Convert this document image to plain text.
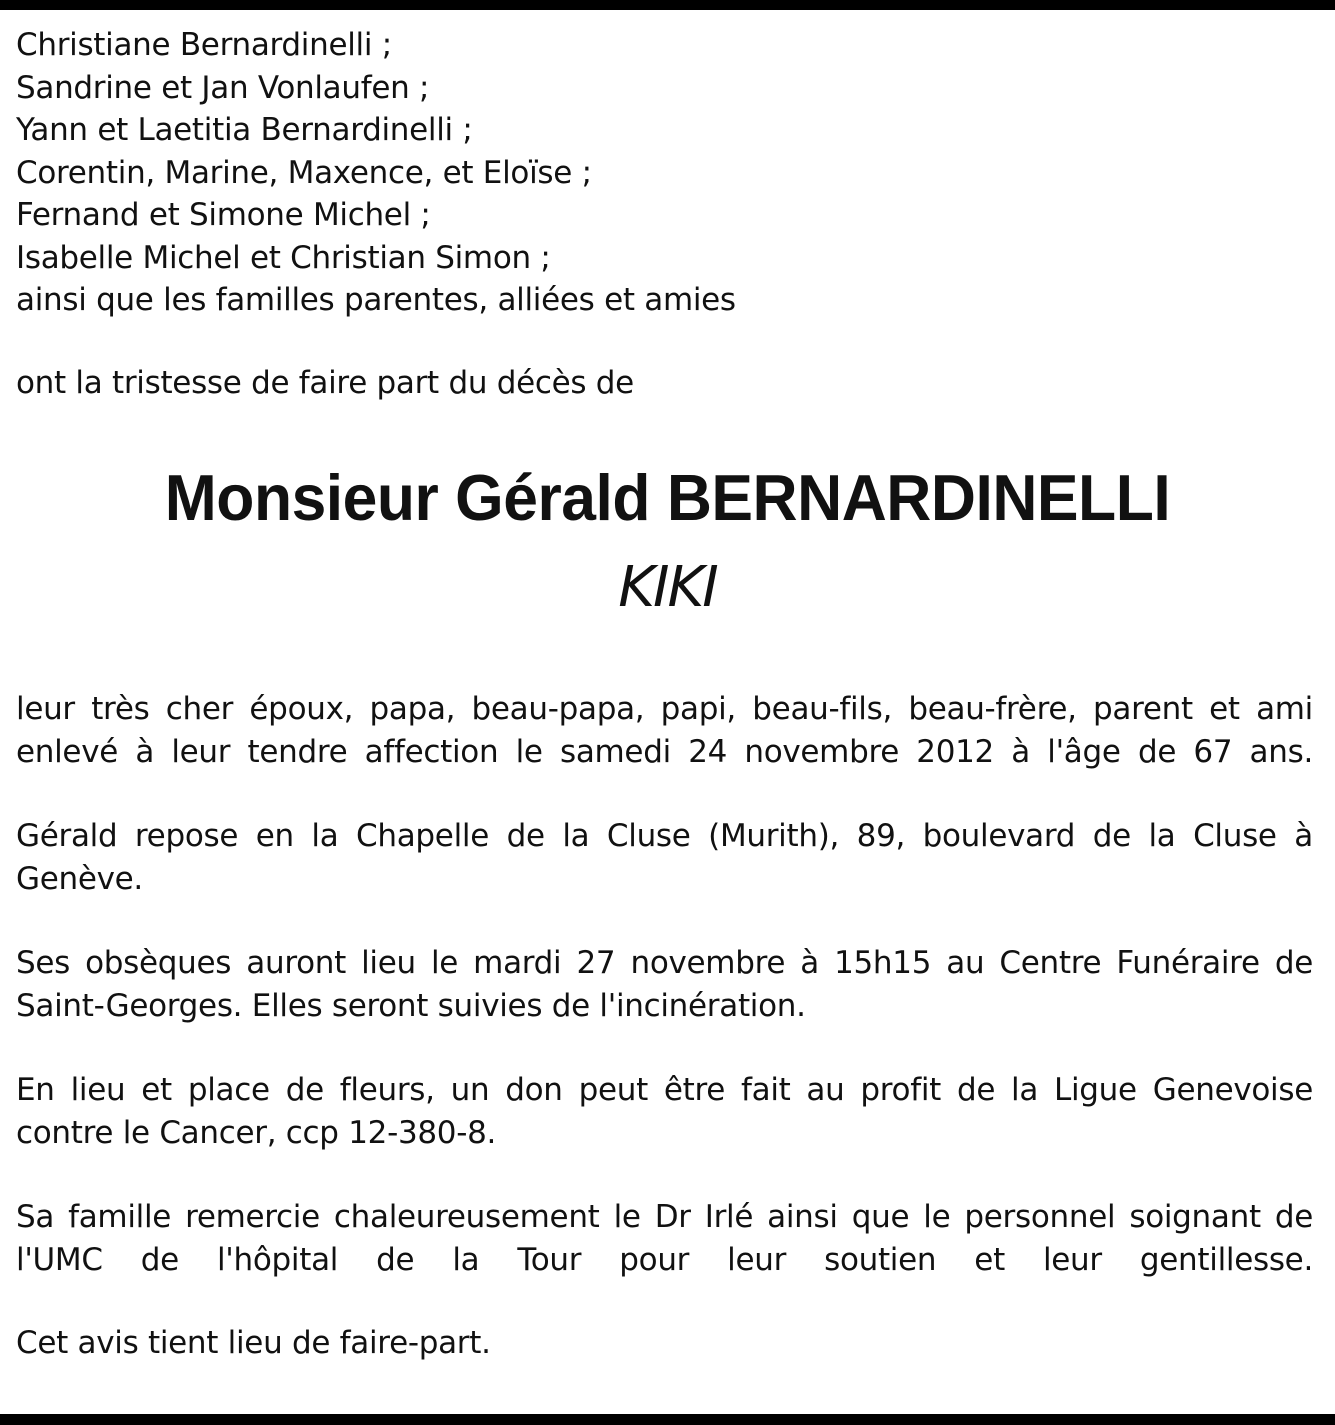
Christiane Bernardinelli ;
Sandrine et Jan Vonlaufen ;
Yann et Laetitia Bernardinelli ;
Corentin, Marine, Maxence, et Eloïse ;
Fernand et Simone Michel ;
Isabelle Michel et Christian Simon ;
ainsi que les familles parentes, alliées et amies
ont la tristesse de faire part du décès de
Monsieur Gérald BERNARDINELLI
KIKI
leur très cher époux, papa, beau-papa, papi, beau-fils, beau-frère, parent et ami
enlevé à leur tendre affection le samedi 24 novembre 2012 à l'âge de 67 ans.

Gérald repose en la Chapelle de la Cluse (Murith), 89, boulevard de la Cluse à Genève.

Ses obsèques auront lieu le mardi 27 novembre à 15h15 au Centre Funéraire de Saint-Georges. Elles seront suivies de l'incinération.

En lieu et place de fleurs, un don peut être fait au profit de la Ligue Genevoise contre le Cancer, ccp 12-380-8.

Sa famille remercie chaleureusement le Dr Irlé ainsi que le personnel soignant de
l'UMC de l'hôpital de la Tour pour leur soutien et leur gentillesse.

Cet avis tient lieu de faire-part.
